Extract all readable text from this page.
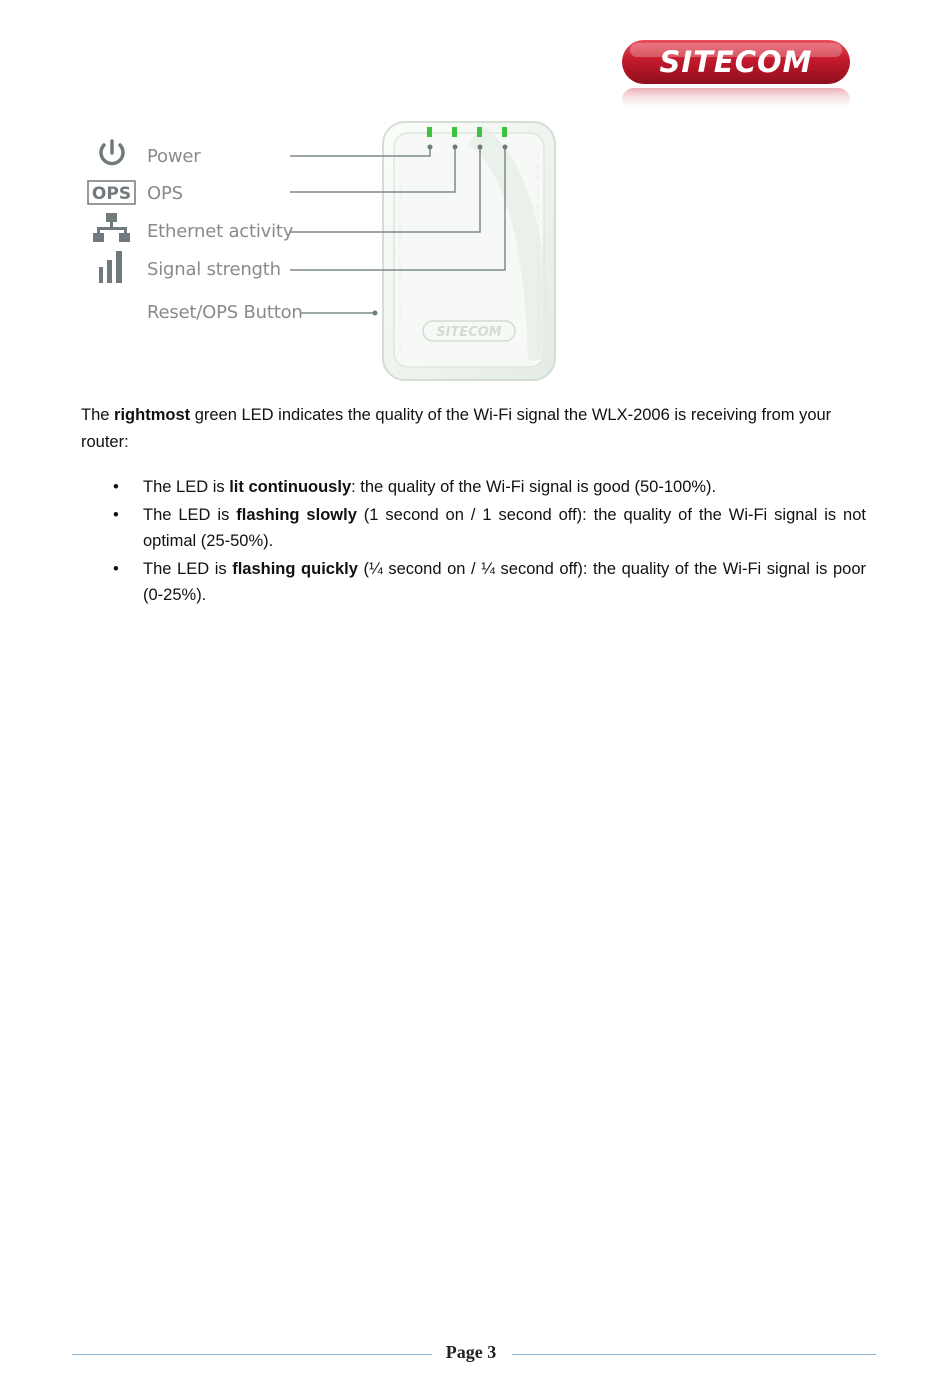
SITECOM
SITECOM
OPS
Power
OPS
Ethernet activity
Signal strength
Reset/OPS Button

The rightmost green LED indicates the quality of the Wi-Fi signal the WLX-2006 is receiving from your router:

• The LED is lit continuously: the quality of the Wi-Fi signal is good (50-100%).
• The LED is flashing slowly (1 second on / 1 second off): the quality of the Wi-Fi signal is not optimal (25-50%).
• The LED is flashing quickly (¼ second on / ¼ second off): the quality of the Wi-Fi signal is poor (0-25%).
Page 3
